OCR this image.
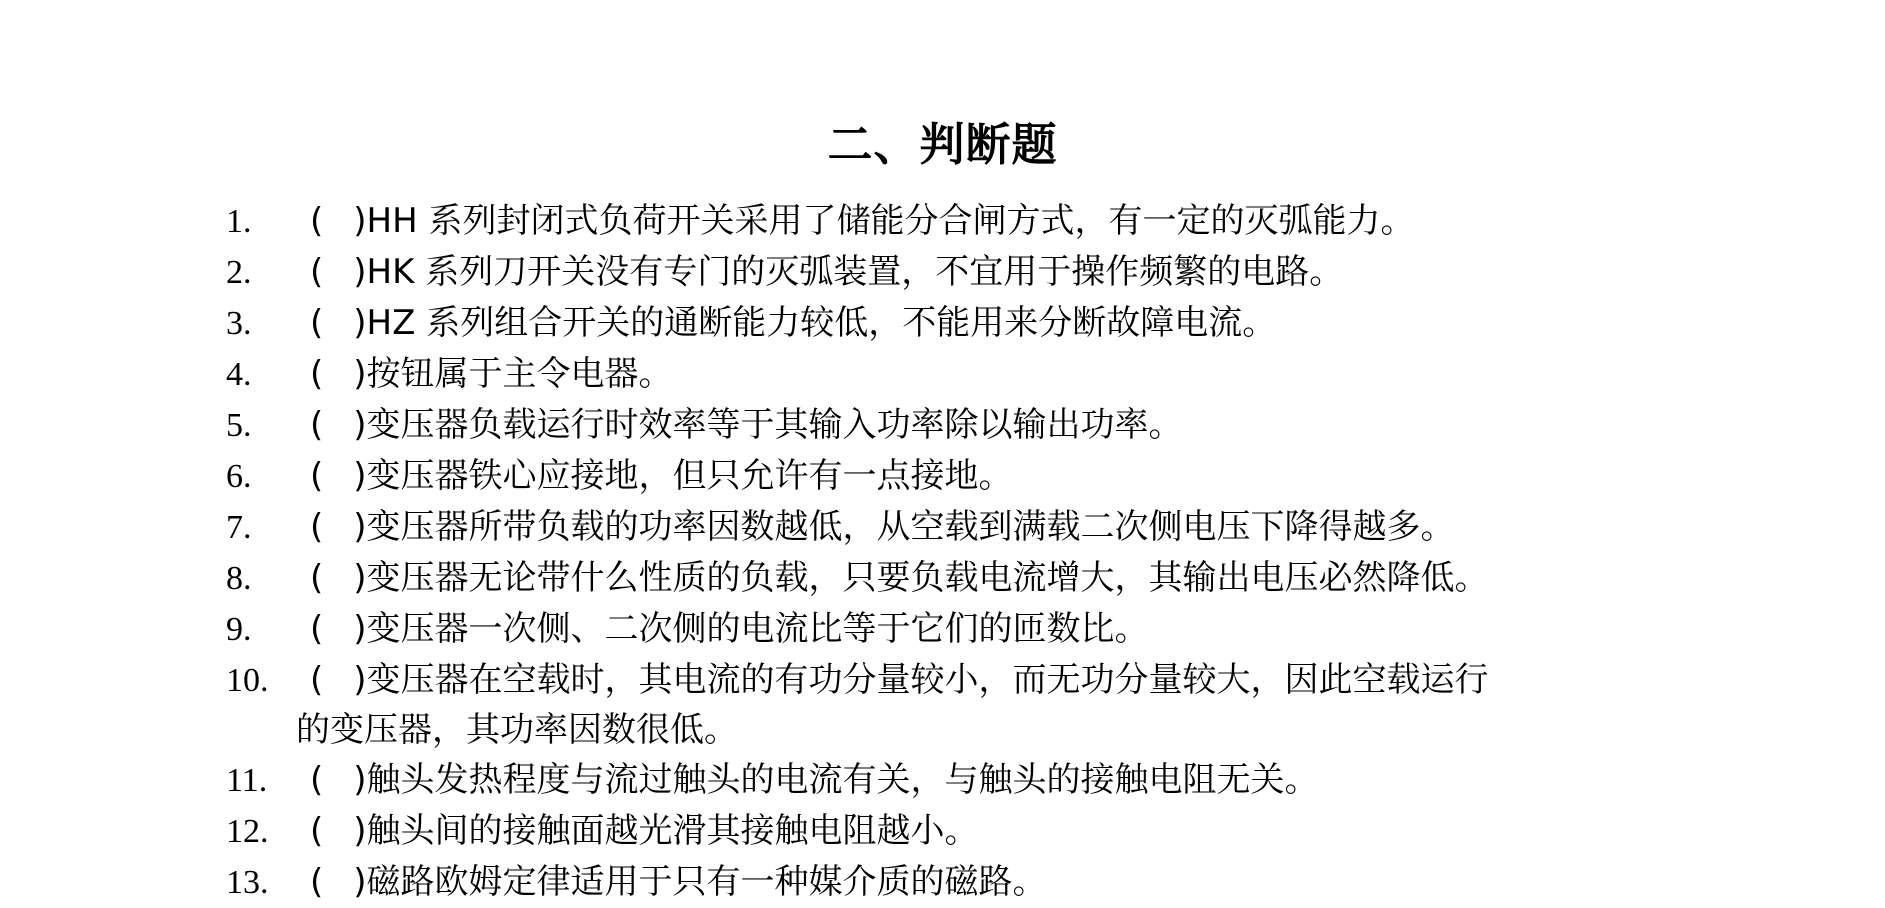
二、判断题
1.	( )HH 系列封闭式负荷开关采用了储能分合闸方式，有一定的灭弧能力。
2.	( )HK 系列刀开关没有专门的灭弧装置，不宜用于操作频繁的电路。
3.	( )HZ 系列组合开关的通断能力较低，不能用来分断故障电流。
4.	( )按钮属于主令电器。
5.	( )变压器负载运行时效率等于其输入功率除以输出功率。
6.	( )变压器铁心应接地，但只允许有一点接地。
7.	( )变压器所带负载的功率因数越低，从空载到满载二次侧电压下降得越多。
8.	( )变压器无论带什么性质的负载，只要负载电流增大，其输出电压必然降低。
9.	( )变压器一次侧、二次侧的电流比等于它们的匝数比。
10.	( )变压器在空载时，其电流的有功分量较小，而无功分量较大，因此空载运行
的变压器，其功率因数很低。
11.	( )触头发热程度与流过触头的电流有关，与触头的接触电阻无关。
12.	( )触头间的接触面越光滑其接触电阻越小。
13.	( )磁路欧姆定律适用于只有一种媒介质的磁路。
